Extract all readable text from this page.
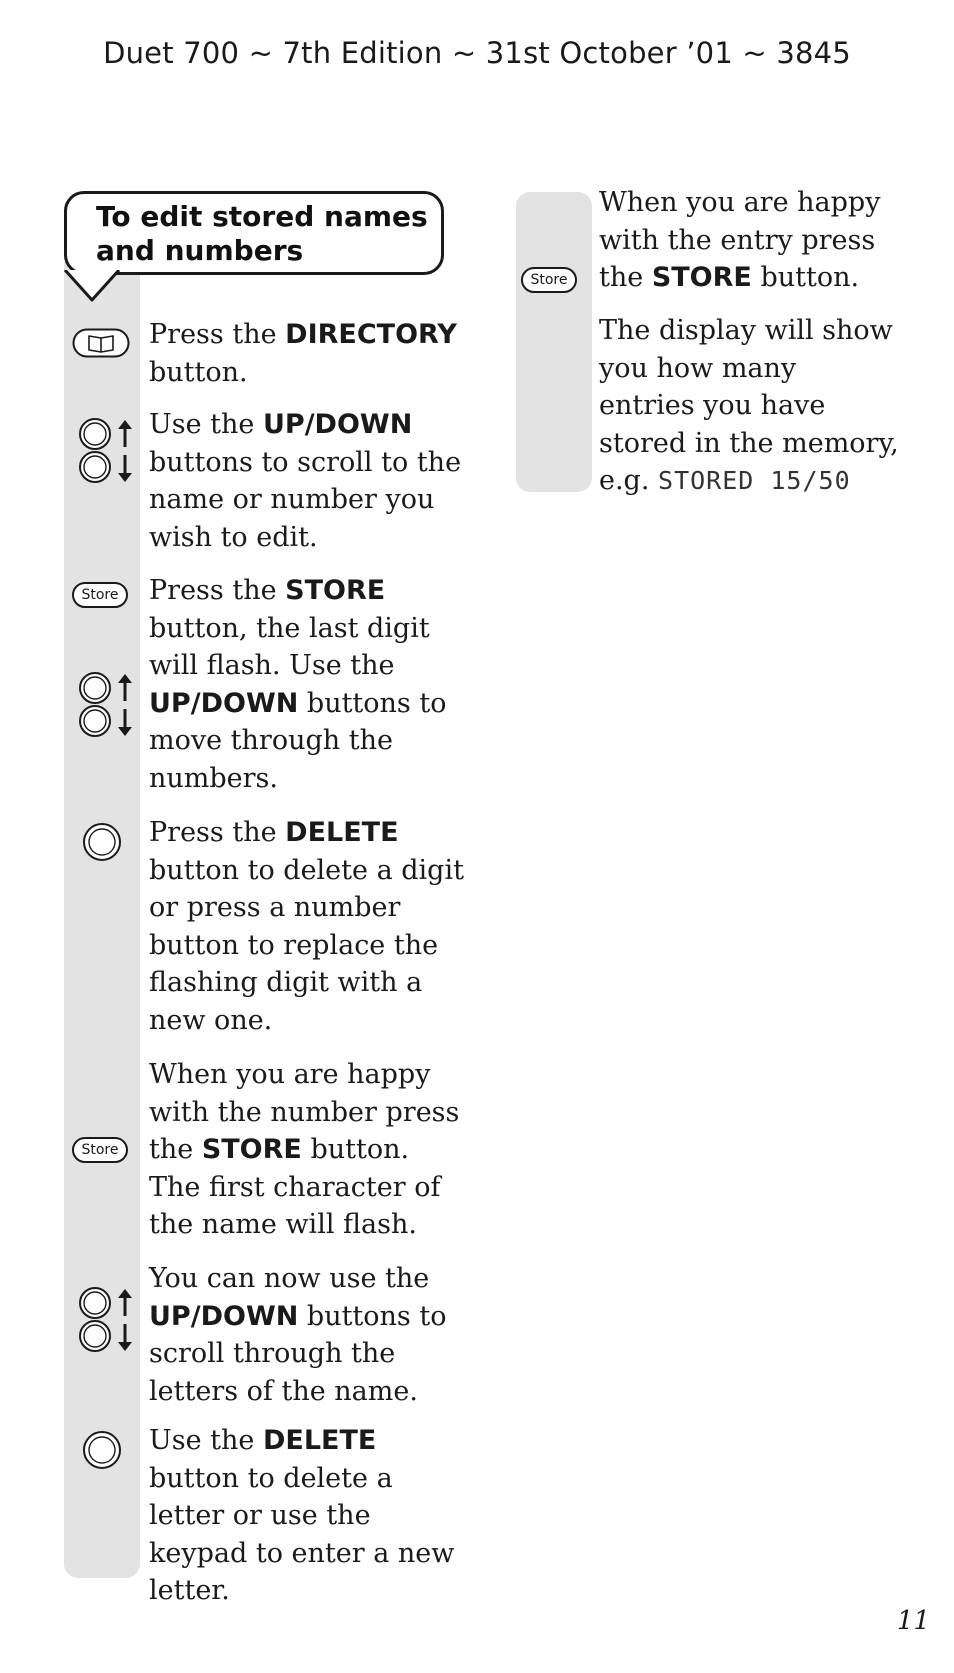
Duet 700 ~ 7th Edition ~ 31st October ’01 ~ 3845
To edit stored names and numbers
Press the DIRECTORY button.
Use the UP/DOWN buttons to scroll to the name or number you wish to edit.
Store	Press the STORE button, the last digit will flash. Use the UP/DOWN buttons to move through the numbers.
Press the DELETE button to delete a digit or press a number button to replace the flashing digit with a new one.
Store
When you are happy with the number press the STORE button. The first character of the name will flash.
You can now use the UP/DOWN buttons to scroll through the letters of the name.
Use the DELETE button to delete a letter or use the keypad to enter a new letter.
Store
When you are happy with the entry press the STORE button.
The display will show you how many entries you have stored in the memory, e.g. STORED 15/50
11
